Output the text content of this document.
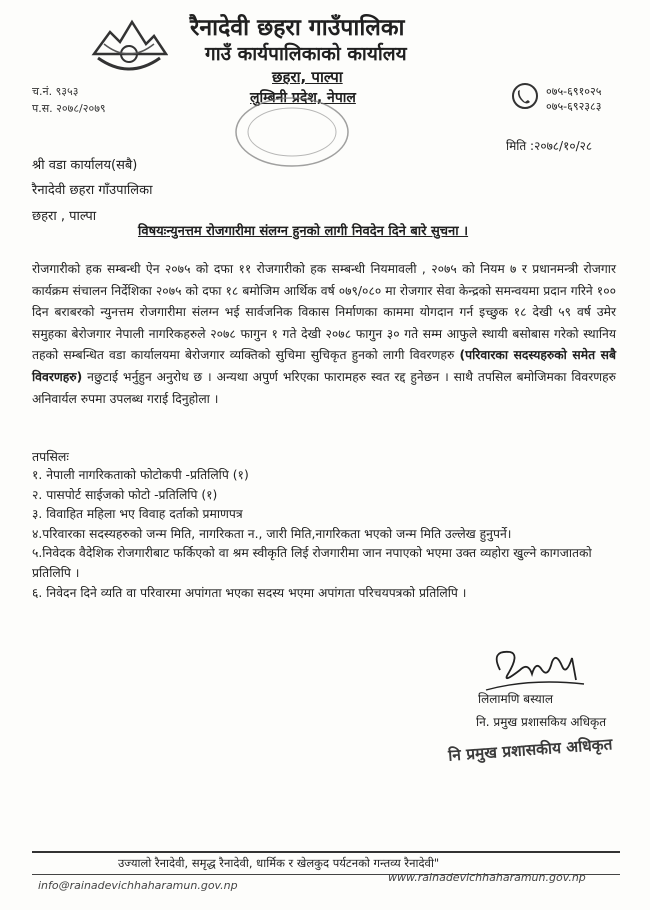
रैनादेवी छहरा गाउँपालिका
गाउँ कार्यपालिकाको कार्यालय
छहरा, पाल्पा
लुम्बिनी प्रदेश, नेपाल
च.नं. ९३५३
प.स. २०७८/२०७९
०७५-६९१०२५
०७५-६९२३८३
मिति :२०७८/१०/२८
श्री वडा कार्यालय(सबै)
रैनादेवी छहरा गाँउपालिका
छहरा , पाल्पा
विषयःन्युनत्तम रोजगारीमा संलग्न हुनको लागी निवदेन दिने बारे सुचना ।
रोजगारीको हक सम्बन्धी ऐन २०७५ को दफा ११ रोजगारीको हक सम्बन्धी नियमावली , २०७५ को नियम ७ र प्रधानमन्त्री रोजगार कार्यक्रम संचालन निर्देशिका २०७५ को दफा १८ बमोजिम आर्थिक वर्ष ०७९/०८० मा रोजगार सेवा केन्द्रको समन्वयमा प्रदान गरिने १०० दिन बराबरको न्युनत्तम रोजगारीमा संलग्न भई सार्वजनिक विकास निर्माणका काममा योगदान गर्न इच्छुक १८ देखी ५९ वर्ष उमेर समुहका बेरोजगार नेपाली नागरिकहरुले २०७८ फागुन १ गते देखी २०७८ फागुन ३० गते सम्म आफुले स्थायी बसोबास गरेको स्थानिय तहको सम्बन्धित वडा कार्यालयमा बेरोजगार व्यक्तिको सुचिमा सुचिकृत हुनको लागी विवरणहरु (परिवारका सदस्यहरुको समेत सबै विवरणहरु) नछुटाई भर्नुहुन अनुरोध छ । अन्यथा अपुर्ण भरिएका फारामहरु स्वत रद्द हुनेछन । साथै तपसिल बमोजिमका विवरणहरु अनिवार्यल रुपमा उपलब्ध गराई दिनुहोला ।
तपसिलः
१. नेपाली नागरिकताको फोटोकपी -प्रतिलिपि (१)
२. पासपोर्ट साईजको फोटो -प्रतिलिपि (१)
३. विवाहित महिला भए विवाह दर्ताको प्रमाणपत्र
४.परिवारका सदस्यहरुको जन्म मिति, नागरिकता न., जारी मिति,नागरिकता भएको जन्म मिति उल्लेख हुनुपर्ने।
५.निवेदक वैदेशिक रोजगारीबाट फर्किएको वा श्रम स्वीकृति लिई रोजगारीमा जान नपाएको भएमा उक्त व्यहोरा खुल्ने कागजातको प्रतिलिपि ।
६. निवेदन दिने व्यति वा परिवारमा अपांगता भएका सदस्य भएमा अपांगता परिचयपत्रको प्रतिलिपि ।
लिलामणि बस्याल
नि. प्रमुख प्रशासकिय अधिकृत
नि प्रमुख प्रशासकीय अधिकृत
उज्यालो रैनादेवी, समृद्ध रैनादेवी, धार्मिक र खेलकुद पर्यटनको गन्तव्य रैनादेवी"
info@rainadevichhaharamun.gov.np
www.rainadevichhaharamun.gov.np
